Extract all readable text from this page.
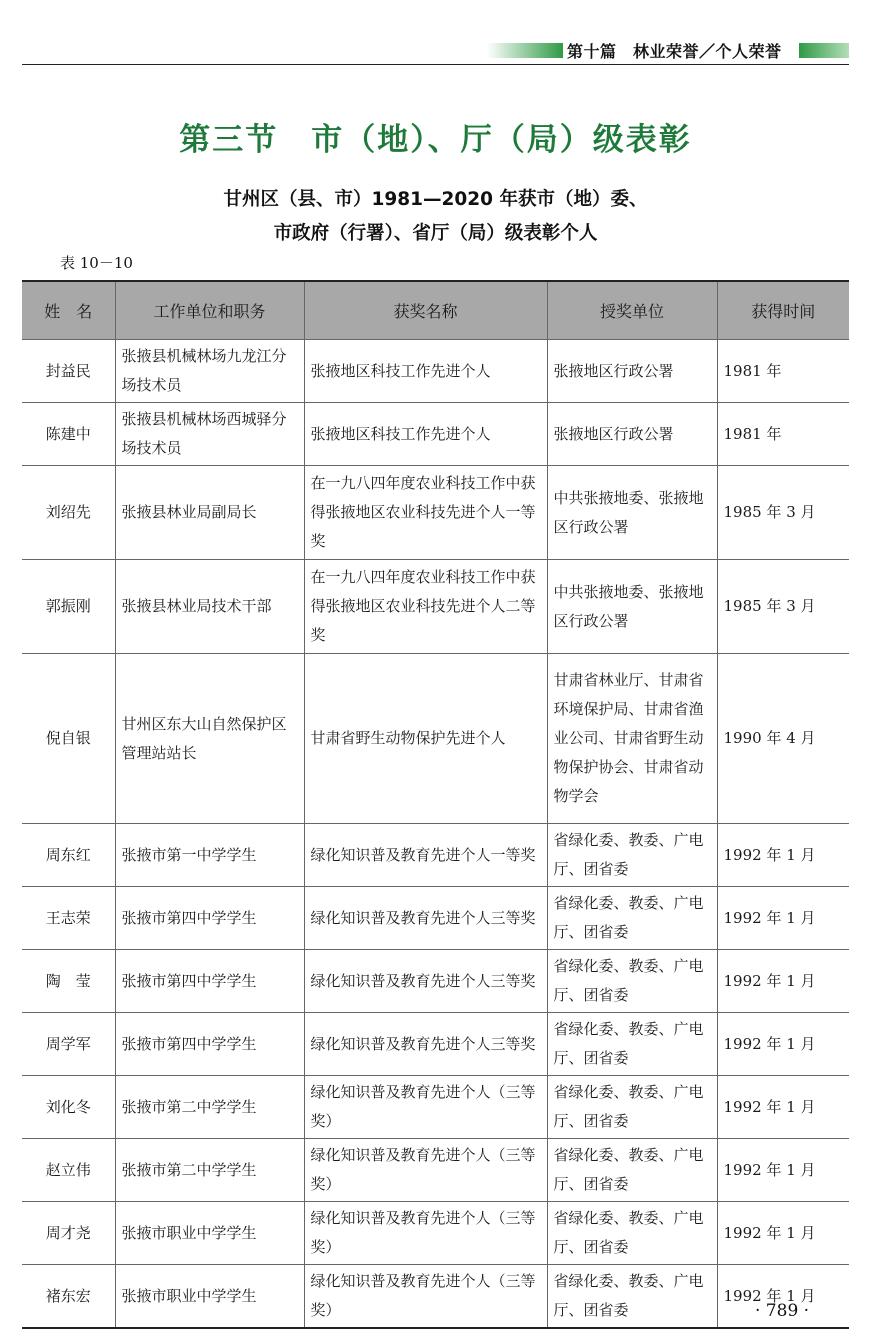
第十篇　林业荣誉／个人荣誉
第三节　市（地）、厅（局）级表彰
甘州区（县、市）1981—2020 年获市（地）委、
市政府（行署）、省厅（局）级表彰个人
表 10－10
姓　名	工作单位和职务	获奖名称	授奖单位	获得时间
封益民	张掖县机械林场九龙江分场技术员	张掖地区科技工作先进个人	张掖地区行政公署	1981 年
陈建中	张掖县机械林场西城驿分场技术员	张掖地区科技工作先进个人	张掖地区行政公署	1981 年
刘绍先	张掖县林业局副局长	在一九八四年度农业科技工作中获得张掖地区农业科技先进个人一等奖	中共张掖地委、张掖地区行政公署	1985 年 3 月
郭振刚	张掖县林业局技术干部	在一九八四年度农业科技工作中获得张掖地区农业科技先进个人二等奖	中共张掖地委、张掖地区行政公署	1985 年 3 月
倪自银	甘州区东大山自然保护区管理站站长	甘肃省野生动物保护先进个人	甘肃省林业厅、甘肃省环境保护局、甘肃省渔业公司、甘肃省野生动物保护协会、甘肃省动物学会	1990 年 4 月
周东红	张掖市第一中学学生	绿化知识普及教育先进个人一等奖	省绿化委、教委、广电厅、团省委	1992 年 1 月
王志荣	张掖市第四中学学生	绿化知识普及教育先进个人三等奖	省绿化委、教委、广电厅、团省委	1992 年 1 月
陶　莹	张掖市第四中学学生	绿化知识普及教育先进个人三等奖	省绿化委、教委、广电厅、团省委	1992 年 1 月
周学军	张掖市第四中学学生	绿化知识普及教育先进个人三等奖	省绿化委、教委、广电厅、团省委	1992 年 1 月
刘化冬	张掖市第二中学学生	绿化知识普及教育先进个人（三等奖）	省绿化委、教委、广电厅、团省委	1992 年 1 月
赵立伟	张掖市第二中学学生	绿化知识普及教育先进个人（三等奖）	省绿化委、教委、广电厅、团省委	1992 年 1 月
周才尧	张掖市职业中学学生	绿化知识普及教育先进个人（三等奖）	省绿化委、教委、广电厅、团省委	1992 年 1 月
褚东宏	张掖市职业中学学生	绿化知识普及教育先进个人（三等奖）	省绿化委、教委、广电厅、团省委	1992 年 1 月
· 789 ·
